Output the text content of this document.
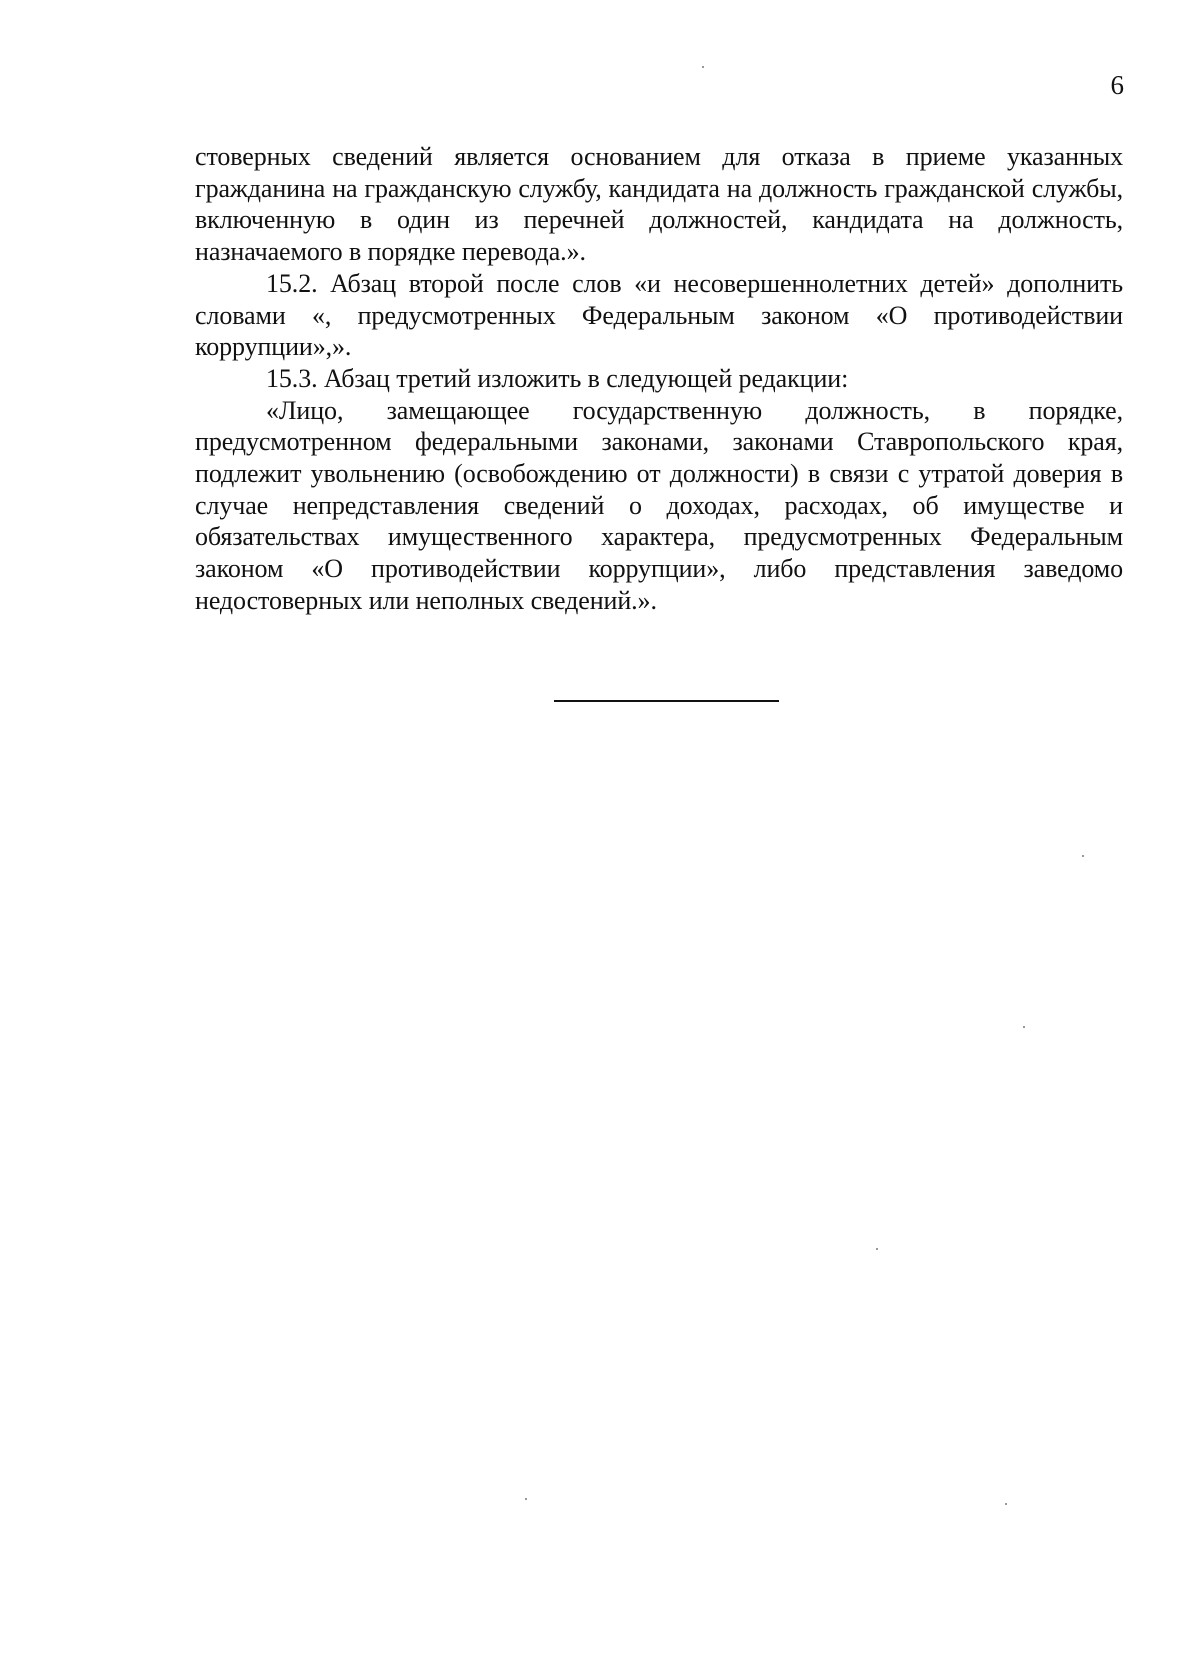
6

стоверных сведений является основанием для отказа в приеме указанных гражданина на гражданскую службу, кандидата на должность гражданской службы, включенную в один из перечней должностей, кандидата на должность, назначаемого в порядке перевода.».

15.2. Абзац второй после слов «и несовершеннолетних детей» дополнить словами «, предусмотренных Федеральным законом «О противодействии коррупции»,».

15.3. Абзац третий изложить в следующей редакции:

«Лицо, замещающее государственную должность, в порядке, предусмотренном федеральными законами, законами Ставропольского края, подлежит увольнению (освобождению от должности) в связи с утратой доверия в случае непредставления сведений о доходах, расходах, об имуществе и обязательствах имущественного характера, предусмотренных Федеральным законом «О противодействии коррупции», либо представления заведомо недостоверных или неполных сведений.».
